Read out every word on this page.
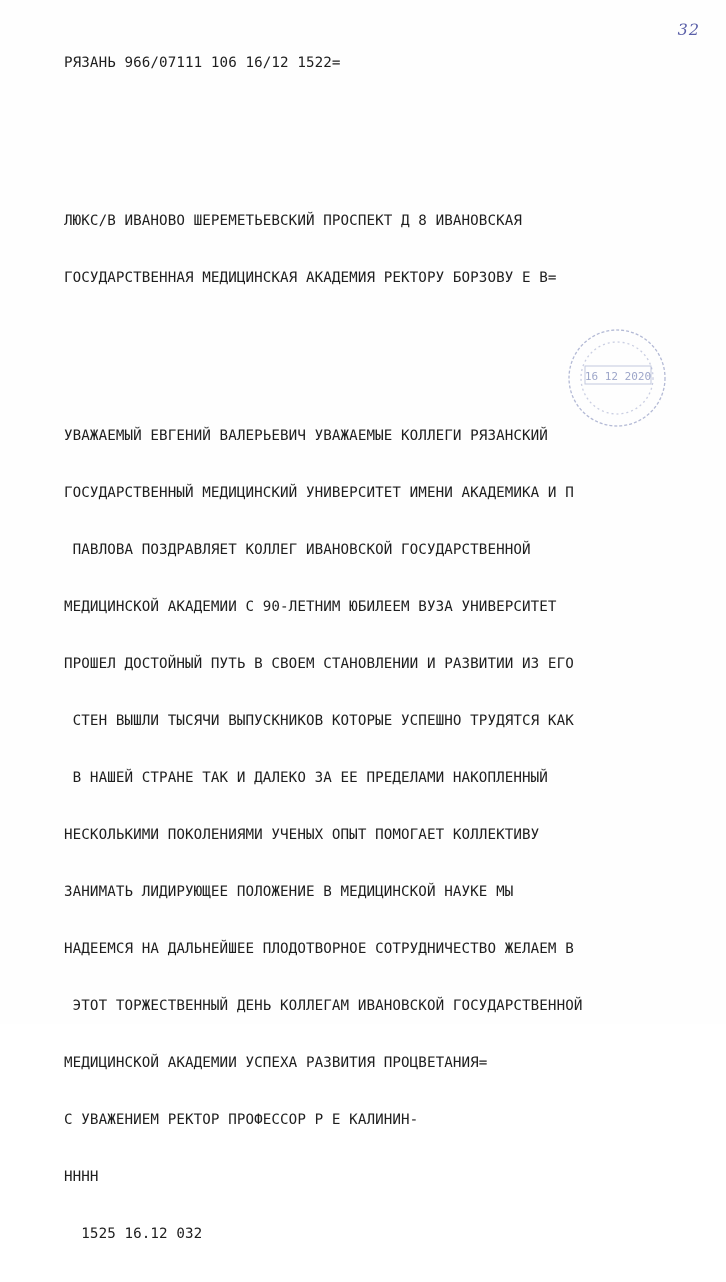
32

РЯЗАНЬ 966/07111 106 16/12 1522=

ЛЮКС/В ИВАНОВО ШЕРЕМЕТЬЕВСКИЙ ПРОСПЕКТ Д 8 ИВАНОВСКАЯ

ГОСУДАРСТВЕННАЯ МЕДИЦИНСКАЯ АКАДЕМИЯ РЕКТОРУ БОРЗОВУ Е В=

УВАЖАЕМЫЙ ЕВГЕНИЙ ВАЛЕРЬЕВИЧ УВАЖАЕМЫЕ КОЛЛЕГИ РЯЗАНСКИЙ

ГОСУДАРСТВЕННЫЙ МЕДИЦИНСКИЙ УНИВЕРСИТЕТ ИМЕНИ АКАДЕМИКА И П

ПАВЛОВА ПОЗДРАВЛЯЕТ КОЛЛЕГ ИВАНОВСКОЙ ГОСУДАРСТВЕННОЙ

МЕДИЦИНСКОЙ АКАДЕМИИ С 90-ЛЕТНИМ ЮБИЛЕЕМ ВУЗА УНИВЕРСИТЕТ

ПРОШЕЛ ДОСТОЙНЫЙ ПУТЬ В СВОЕМ СТАНОВЛЕНИИ И РАЗВИТИИ ИЗ ЕГО

СТЕН ВЫШЛИ ТЫСЯЧИ ВЫПУСКНИКОВ КОТОРЫЕ УСПЕШНО ТРУДЯТСЯ КАК

В НАШЕЙ СТРАНЕ ТАК И ДАЛЕКО ЗА ЕЕ ПРЕДЕЛАМИ НАКОПЛЕННЫЙ

НЕСКОЛЬКИМИ ПОКОЛЕНИЯМИ УЧЕНЫХ ОПЫТ ПОМОГАЕТ КОЛЛЕКТИВУ

ЗАНИМАТЬ ЛИДИРУЮЩЕЕ ПОЛОЖЕНИЕ В МЕДИЦИНСКОЙ НАУКЕ МЫ

НАДЕЕМСЯ НА ДАЛЬНЕЙШЕЕ ПЛОДОТВОРНОЕ СОТРУДНИЧЕСТВО ЖЕЛАЕМ В

ЭТОТ ТОРЖЕСТВЕННЫЙ ДЕНЬ КОЛЛЕГАМ ИВАНОВСКОЙ ГОСУДАРСТВЕННОЙ

МЕДИЦИНСКОЙ АКАДЕМИИ УСПЕХА РАЗВИТИЯ ПРОЦВЕТАНИЯ=

С УВАЖЕНИЕМ РЕКТОР ПРОФЕССОР Р Е КАЛИНИН-

НННН

1525 16.12 032

16 12 2020
